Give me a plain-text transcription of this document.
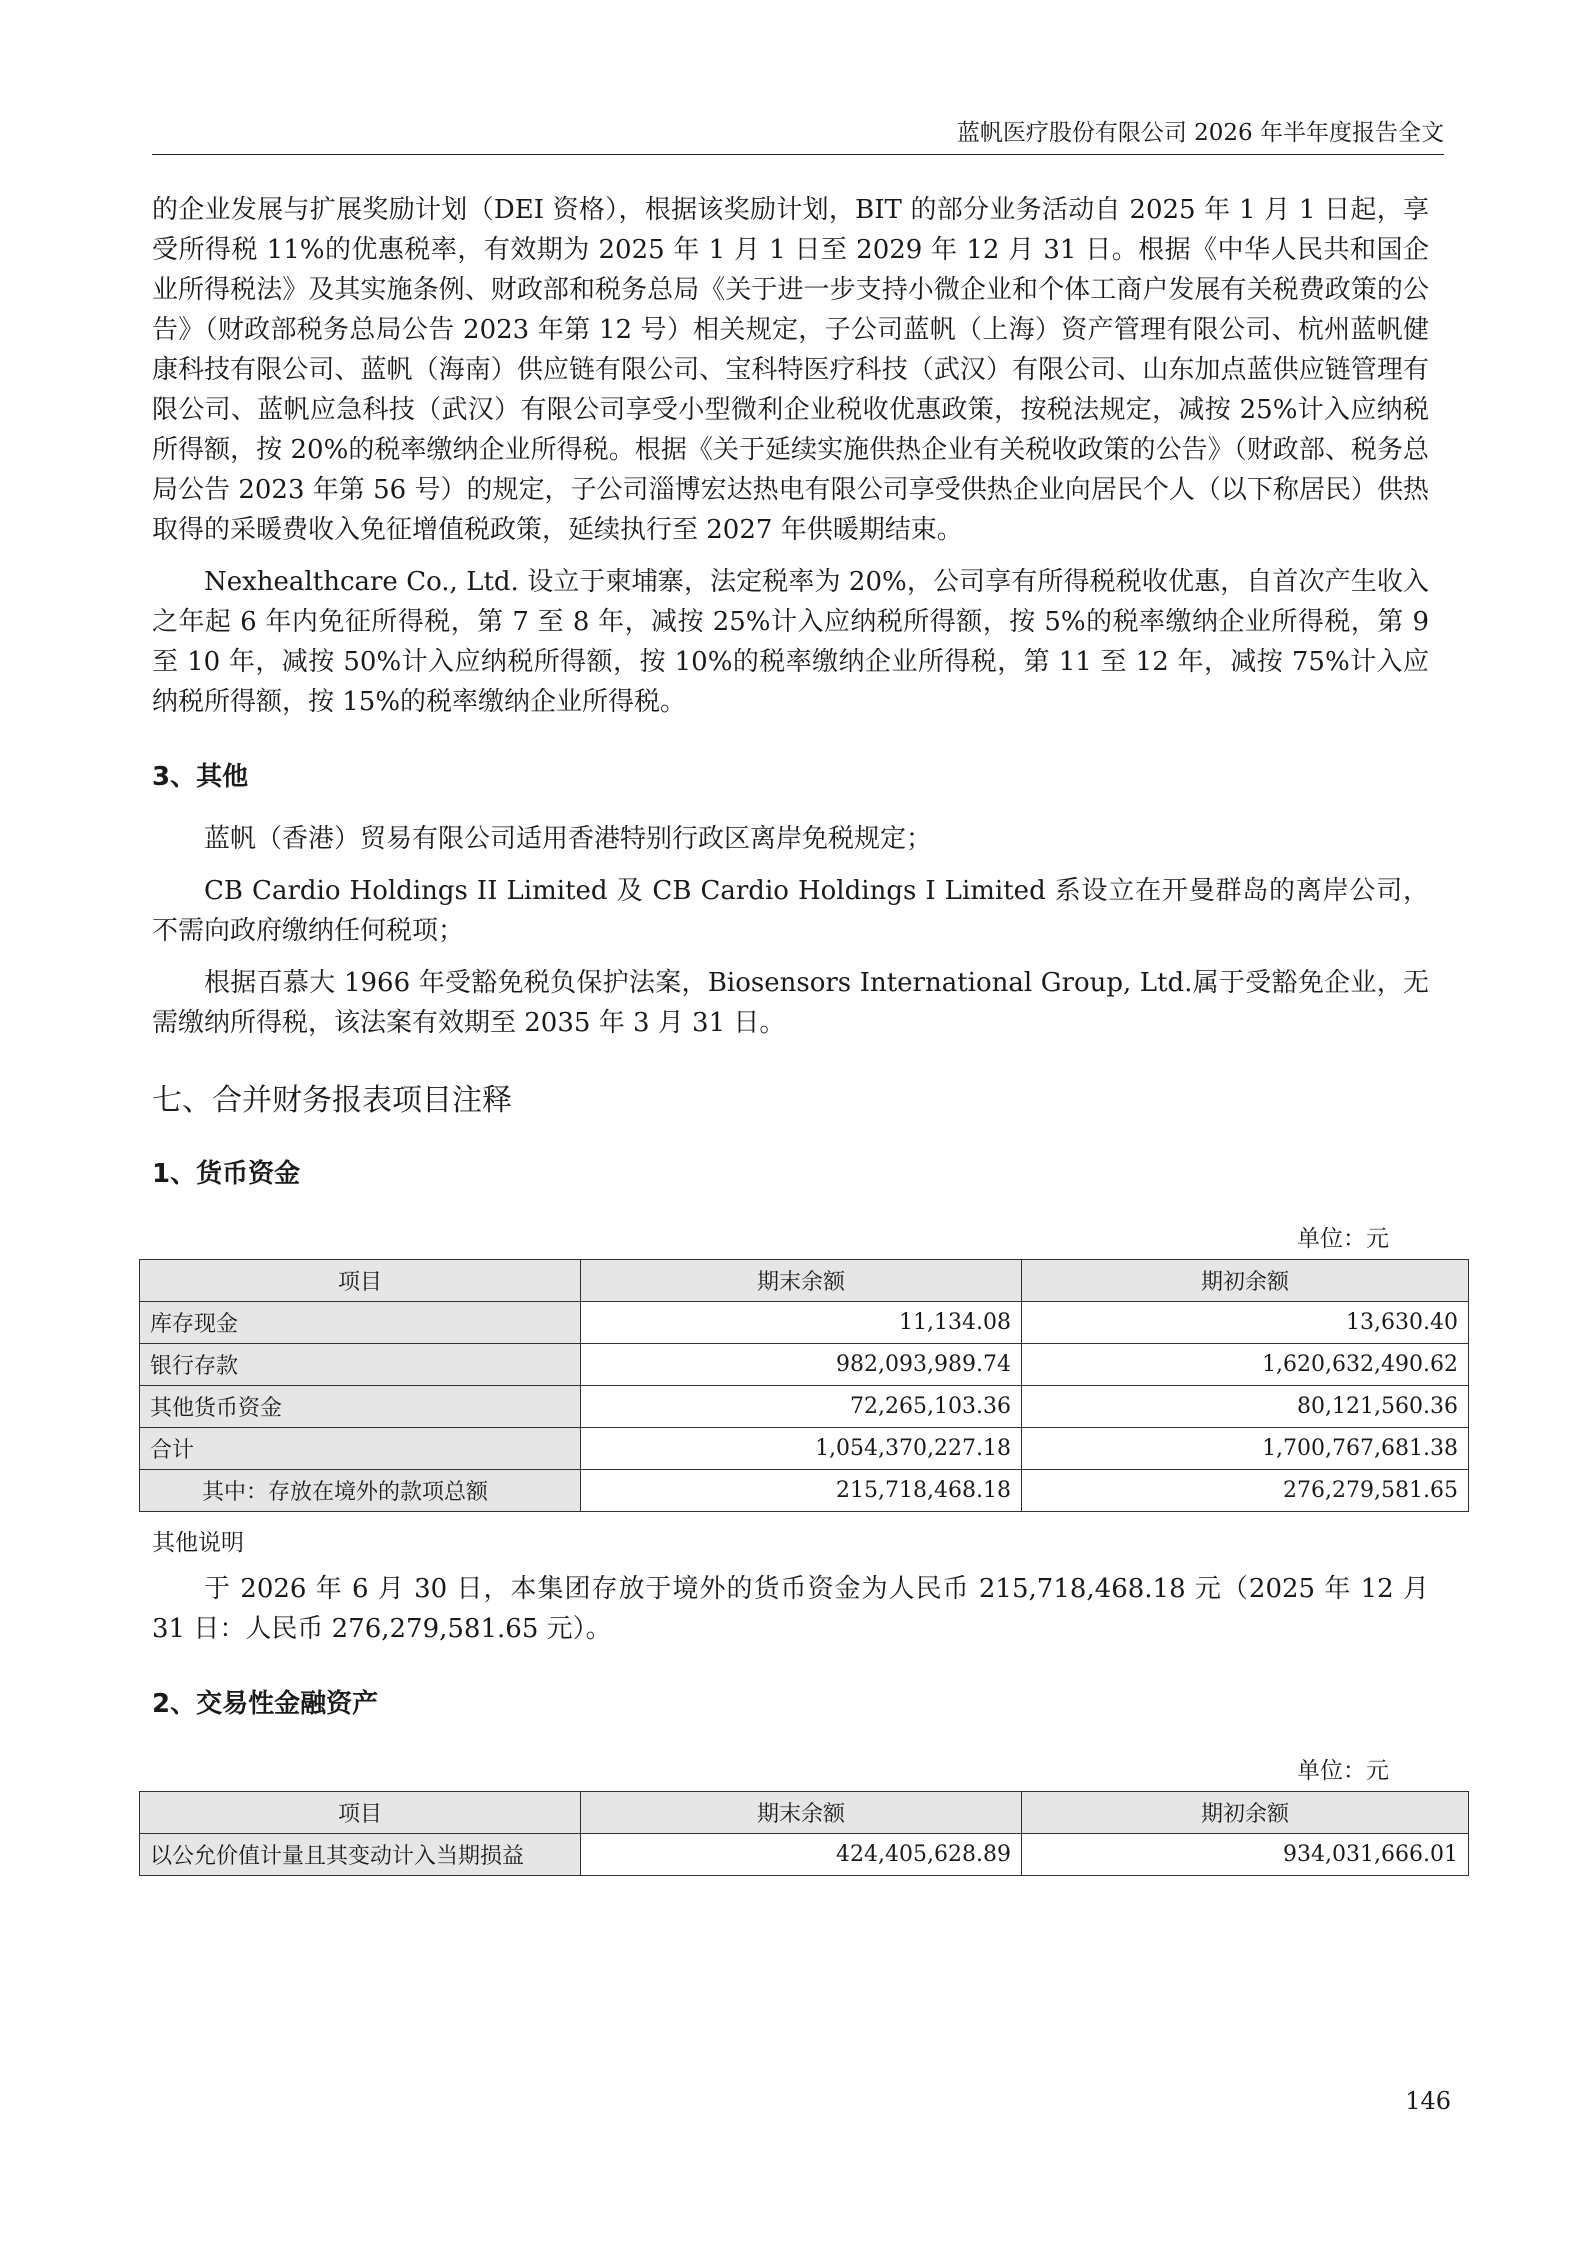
蓝帆医疗股份有限公司 2026 年半年度报告全文

的企业发展与扩展奖励计划（DEI 资格），根据该奖励计划，BIT 的部分业务活动自 2025 年 1 月 1 日起，享受所得税 11%的优惠税率，有效期为 2025 年 1 月 1 日至 2029 年 12 月 31 日。根据《中华人民共和国企业所得税法》及其实施条例、财政部和税务总局《关于进一步支持小微企业和个体工商户发展有关税费政策的公告》（财政部税务总局公告 2023 年第 12 号）相关规定，子公司蓝帆（上海）资产管理有限公司、杭州蓝帆健康科技有限公司、蓝帆（海南）供应链有限公司、宝科特医疗科技（武汉）有限公司、山东加点蓝供应链管理有限公司、蓝帆应急科技（武汉）有限公司享受小型微利企业税收优惠政策，按税法规定，减按 25%计入应纳税所得额，按 20%的税率缴纳企业所得税。根据《关于延续实施供热企业有关税收政策的公告》（财政部、税务总局公告 2023 年第 56 号）的规定，子公司淄博宏达热电有限公司享受供热企业向居民个人（以下称居民）供热取得的采暖费收入免征增值税政策，延续执行至 2027 年供暖期结束。

Nexhealthcare Co., Ltd. 设立于柬埔寨，法定税率为 20%，公司享有所得税税收优惠，自首次产生收入之年起 6 年内免征所得税，第 7 至 8 年，减按 25%计入应纳税所得额，按 5%的税率缴纳企业所得税，第 9 至 10 年，减按 50%计入应纳税所得额，按 10%的税率缴纳企业所得税，第 11 至 12 年，减按 75%计入应纳税所得额，按 15%的税率缴纳企业所得税。

3、其他

蓝帆（香港）贸易有限公司适用香港特别行政区离岸免税规定；

CB Cardio Holdings II Limited 及 CB Cardio Holdings I Limited 系设立在开曼群岛的离岸公司，不需向政府缴纳任何税项；

根据百慕大 1966 年受豁免税负保护法案，Biosensors International Group, Ltd.属于受豁免企业，无需缴纳所得税，该法案有效期至 2035 年 3 月 31 日。

七、合并财务报表项目注释

1、货币资金

单位：元

项目	期末余额	期初余额
库存现金	11,134.08	13,630.40
银行存款	982,093,989.74	1,620,632,490.62
其他货币资金	72,265,103.36	80,121,560.36
合计	1,054,370,227.18	1,700,767,681.38
其中：存放在境外的款项总额	215,718,468.18	276,279,581.65

其他说明

于 2026 年 6 月 30 日，本集团存放于境外的货币资金为人民币 215,718,468.18 元（2025 年 12 月 31 日：人民币 276,279,581.65 元）。

2、交易性金融资产

单位：元

项目	期末余额	期初余额
以公允价值计量且其变动计入当期损益	424,405,628.89	934,031,666.01
146
